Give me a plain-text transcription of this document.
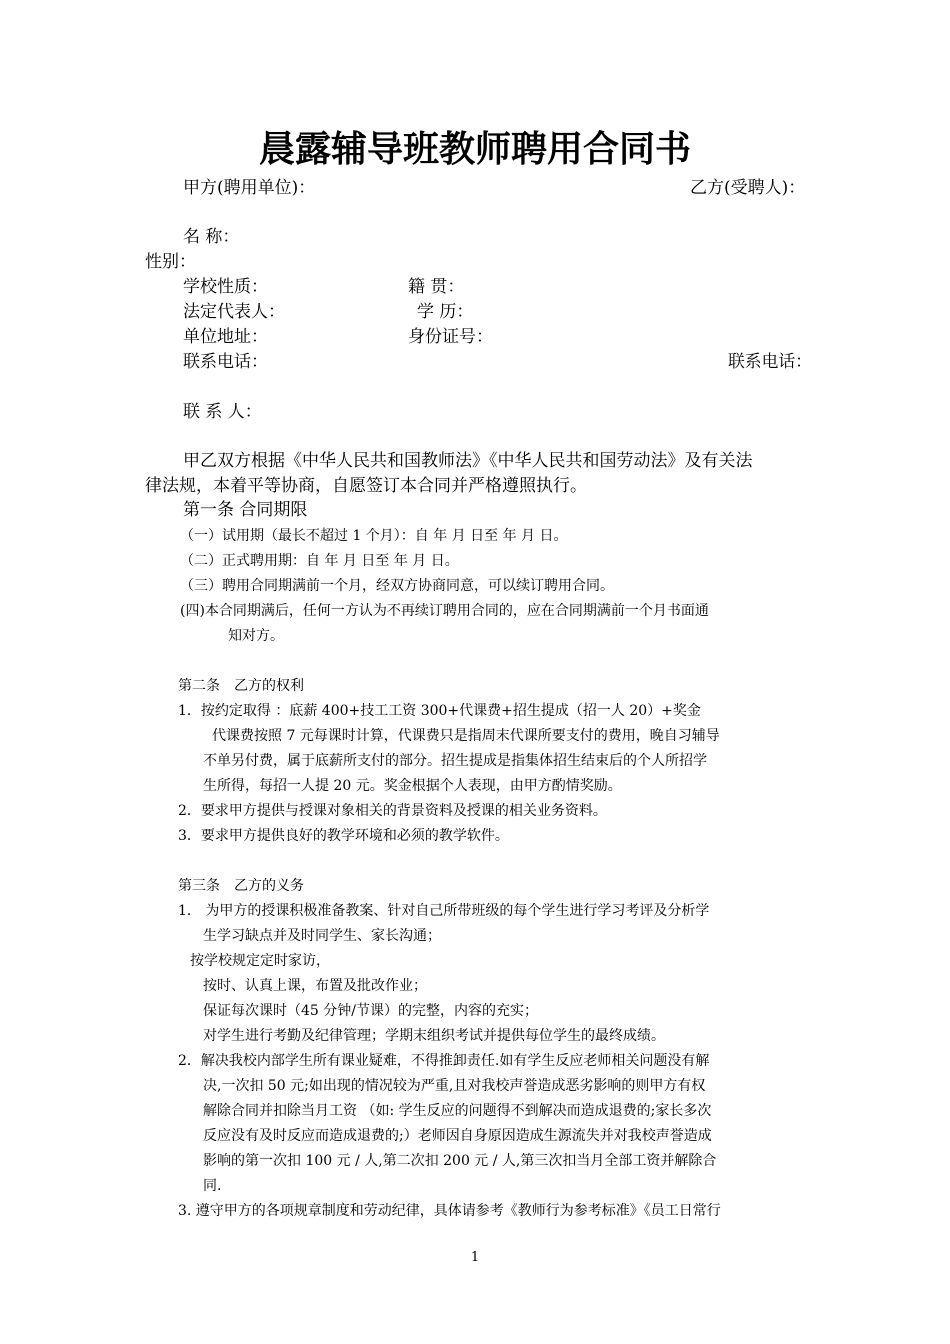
晨露辅导班教师聘用合同书
甲方(聘用单位)：	乙方(受聘人)：
名 称：
性别：
学校性质：	籍 贯：
法定代表人：	学 历：
单位地址：	身份证号：
联系电话：	联系电话：
联 系 人：
甲乙双方根据《中华人民共和国教师法》《中华人民共和国劳动法》及有关法
律法规，本着平等协商，自愿签订本合同并严格遵照执行。
第一条 合同期限
（一）试用期（最长不超过 1 个月）：自 年 月 日至 年 月 日。
（二）正式聘用期：自 年 月 日至 年 月 日。
（三）聘用合同期满前一个月，经双方协商同意，可以续订聘用合同。
(四)本合同期满后，任何一方认为不再续订聘用合同的，应在合同期满前一个月书面通
知对方。
第二条　乙方的权利
1．按约定取得 ：底薪 400+技工工资 300+代课费+招生提成（招一人 20）+奖金
代课费按照 7 元每课时计算，代课费只是指周末代课所要支付的费用，晚自习辅导
不单另付费，属于底薪所支付的部分。招生提成是指集体招生结束后的个人所招学
生所得，每招一人提 20 元。奖金根据个人表现，由甲方酌情奖励。
2．要求甲方提供与授课对象相关的背景资料及授课的相关业务资料。
3．要求甲方提供良好的教学环境和必须的教学软件。
第三条　乙方的义务
1． 为甲方的授课积极准备教案、针对自己所带班级的每个学生进行学习考评及分析学
生学习缺点并及时同学生、家长沟通；
按学校规定定时家访，
按时、认真上课，布置及批改作业；
保证每次课时（45 分钟/节课）的完整，内容的充实；
对学生进行考勤及纪律管理；学期末组织考试并提供每位学生的最终成绩。
2．解决我校内部学生所有课业疑难，不得推卸责任.如有学生反应老师相关问题没有解
决,一次扣 50 元;如出现的情况较为严重,且对我校声誉造成恶劣影响的则甲方有权
解除合同并扣除当月工资 （如: 学生反应的问题得不到解决而造成退费的;家长多次
反应没有及时反应而造成退费的;）老师因自身原因造成生源流失并对我校声誉造成
影响的第一次扣 100 元 / 人,第二次扣 200 元 / 人,第三次扣当月全部工资并解除合
同.
3. 遵守甲方的各项规章制度和劳动纪律，具体请参考《教师行为参考标准》《员工日常行
1
